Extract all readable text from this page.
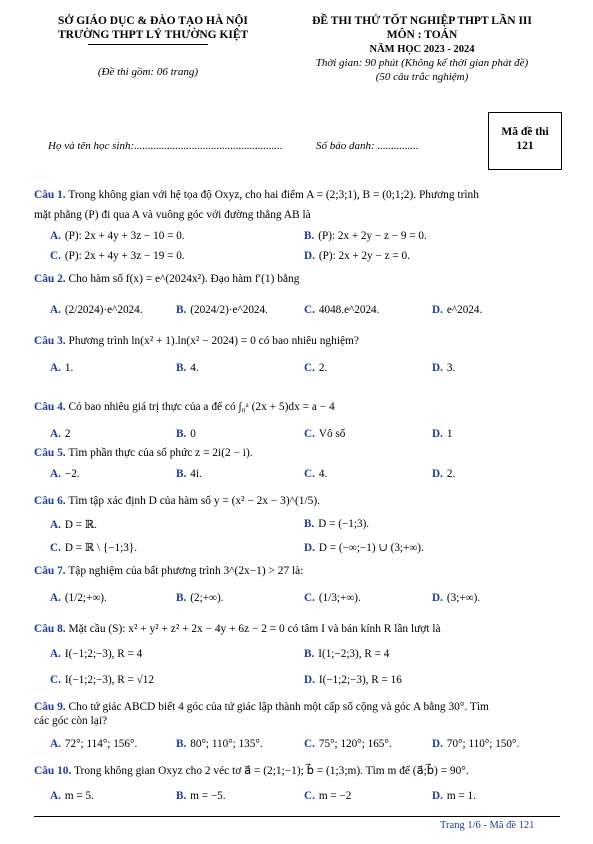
SỞ GIÁO DỤC & ĐÀO TẠO HÀ NỘI
TRƯỜNG THPT LÝ THƯỜNG KIỆT
(Đề thi gồm: 06 trang)
ĐỀ THI THỬ TỐT NGHIỆP THPT LẦN III
MÔN : TOÁN
NĂM HỌC 2023 - 2024
Thời gian: 90 phút (Không kể thời gian phát đề)
(50 câu trắc nghiệm)
Họ và tên học sinh:......................................................	Số báo danh: ...............
Mã đề thi
121
Câu 1. Trong không gian với hệ tọa độ Oxyz, cho hai điểm A = (2;3;1), B = (0;1;2). Phương trình
mặt phẳng (P) đi qua A và vuông góc với đường thẳng AB là
A. (P): 2x + 4y + 3z − 10 = 0.	B. (P): 2x + 2y − z − 9 = 0.
C. (P): 2x + 4y + 3z − 19 = 0.	D. (P): 2x + 2y − z = 0.
Câu 2. Cho hàm số f(x) = e^(2024x²). Đạo hàm f′(1) bằng
A. (2/2024)·e^2024.	B. (2024/2)·e^2024.	C. 4048.e^2024.	D. e^2024.
Câu 3. Phương trình ln(x² + 1).ln(x² − 2024) = 0 có bao nhiêu nghiệm?
A. 1.	B. 4.	C. 2.	D. 3.
Câu 4. Có bao nhiêu giá trị thực của a để có ∫₀ᵃ (2x + 5)dx = a − 4
A. 2	B. 0	C. Vô số	D. 1
Câu 5. Tìm phần thực của số phức z = 2i(2 − i).
A. −2.	B. 4i.	C. 4.	D. 2.
Câu 6. Tìm tập xác định D của hàm số y = (x² − 2x − 3)^(1/5).
A. D = ℝ.	B. D = (−1;3).
C. D = ℝ \ {−1;3}.	D. D = (−∞;−1) ∪ (3;+∞).
Câu 7. Tập nghiệm của bất phương trình 3^(2x−1) > 27 là:
A. (1/2;+∞).	B. (2;+∞).	C. (1/3;+∞).	D. (3;+∞).
Câu 8. Mặt cầu (S): x² + y² + z² + 2x − 4y + 6z − 2 = 0 có tâm I và bán kính R lần lượt là
A. I(−1;2;−3), R = 4	B. I(1;−2;3), R = 4
C. I(−1;2;−3), R = √12	D. I(−1;2;−3), R = 16
Câu 9. Cho tứ giác ABCD biết 4 góc của tứ giác lập thành một cấp số cộng và góc A bằng 30°. Tìm
các góc còn lại?
A. 72°; 114°; 156°.	B. 80°; 110°; 135°.	C. 75°; 120°; 165°.	D. 70°; 110°; 150°.
Câu 10. Trong không gian Oxyz cho 2 véc tơ a⃗ = (2;1;−1); b⃗ = (1;3;m). Tìm m để (a⃗;b⃗) = 90°.
A. m = 5.	B. m = −5.	C. m = −2	D. m = 1.
Trang 1/6 - Mã đề 121
